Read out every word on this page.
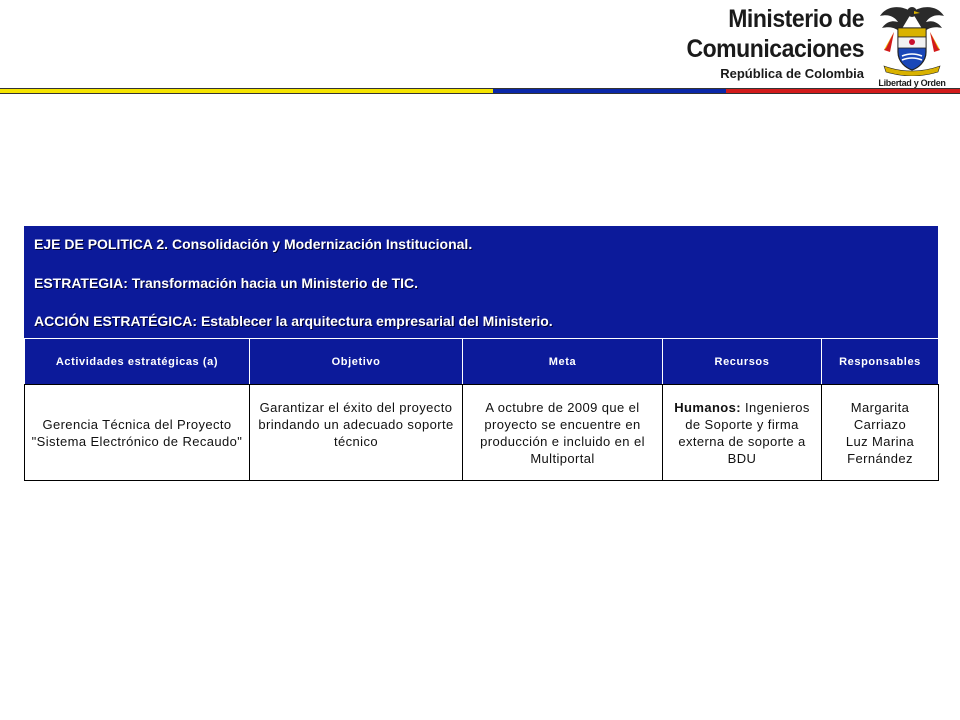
Ministerio de
Comunicaciones
República de Colombia
Libertad y Orden
EJE DE POLITICA 2. Consolidación y Modernización Institucional.
ESTRATEGIA: Transformación hacia un Ministerio de TIC.
ACCIÓN ESTRATÉGICA: Establecer la arquitectura empresarial del Ministerio.
Actividades estratégicas (a)	Objetivo	Meta	Recursos	Responsables
Gerencia Técnica del Proyecto "Sistema Electrónico de Recaudo"	Garantizar el éxito del proyecto brindando un adecuado soporte técnico	A octubre de 2009 que el proyecto se encuentre en producción e incluido en el Multiportal	Humanos: Ingenieros de Soporte y firma externa de soporte a BDU	Margarita Carriazo
Luz Marina Fernández
